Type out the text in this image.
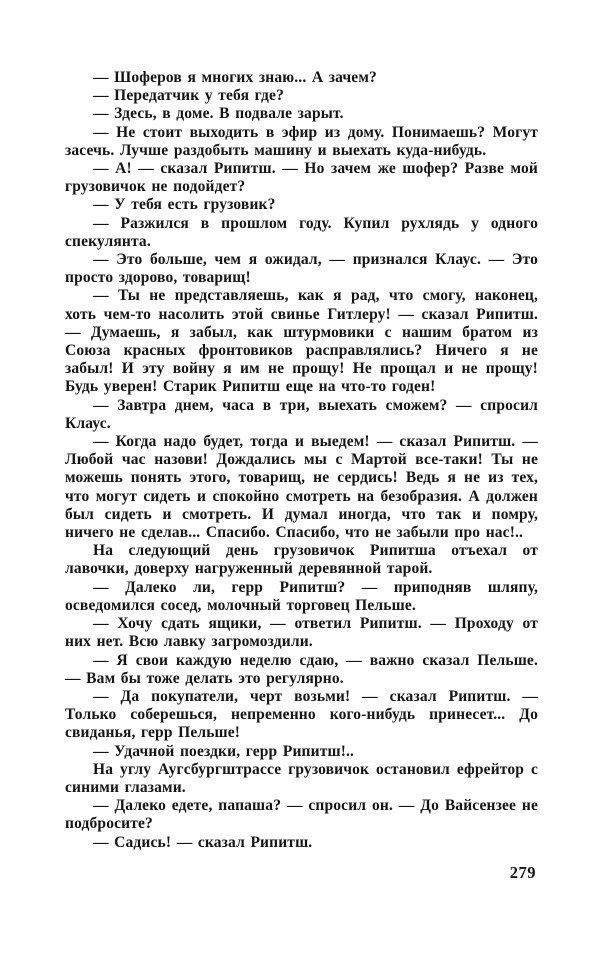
— Шоферов я многих знаю... А зачем?

— Передатчик у тебя где?

— Здесь, в доме. В подвале зарыт.

— Не стоит выходить в эфир из дому. Понимаешь? Могут засечь. Лучше раздобыть машину и выехать куда-нибудь.

— А! — сказал Рипитш. — Но зачем же шофер? Разве мой грузовичок не подойдет?

— У тебя есть грузовик?

— Разжился в прошлом году. Купил рухлядь у одного спекулянта.

— Это больше, чем я ожидал, — признался Клаус. — Это просто здорово, товарищ!

— Ты не представляешь, как я рад, что смогу, наконец, хоть чем-то насолить этой свинье Гитлеру! — сказал Рипитш. — Думаешь, я забыл, как штурмовики с нашим братом из Союза красных фронтовиков расправлялись? Ничего я не забыл! И эту войну я им не прощу! Не прощал и не прощу! Будь уверен! Старик Рипитш еще на что-то годен!

— Завтра днем, часа в три, выехать сможем? — спросил Клаус.

— Когда надо будет, тогда и выедем! — сказал Рипитш. — Любой час назови! Дождались мы с Мартой все-таки! Ты не можешь понять этого, товарищ, не сердись! Ведь я не из тех, что могут сидеть и спокойно смотреть на безобразия. А должен был сидеть и смотреть. И думал иногда, что так и помру, ничего не сделав... Спасибо. Спасибо, что не забыли про нас!..

На следующий день грузовичок Рипитша отъехал от лавочки, доверху нагруженный деревянной тарой.

— Далеко ли, герр Рипитш? — приподняв шляпу, осведомился сосед, молочный торговец Пельше.

— Хочу сдать ящики, — ответил Рипитш. — Проходу от них нет. Всю лавку загромоздили.

— Я свои каждую неделю сдаю, — важно сказал Пельше. — Вам бы тоже делать это регулярно.

— Да покупатели, черт возьми! — сказал Рипитш. — Только соберешься, непременно кого-нибудь принесет... До свиданья, герр Пельше!

— Удачной поездки, герр Рипитш!..

На углу Аугсбургштрассе грузовичок остановил ефрейтор с синими глазами.

— Далеко едете, папаша? — спросил он. — До Вайсензее не подбросите?

— Садись! — сказал Рипитш.

279
